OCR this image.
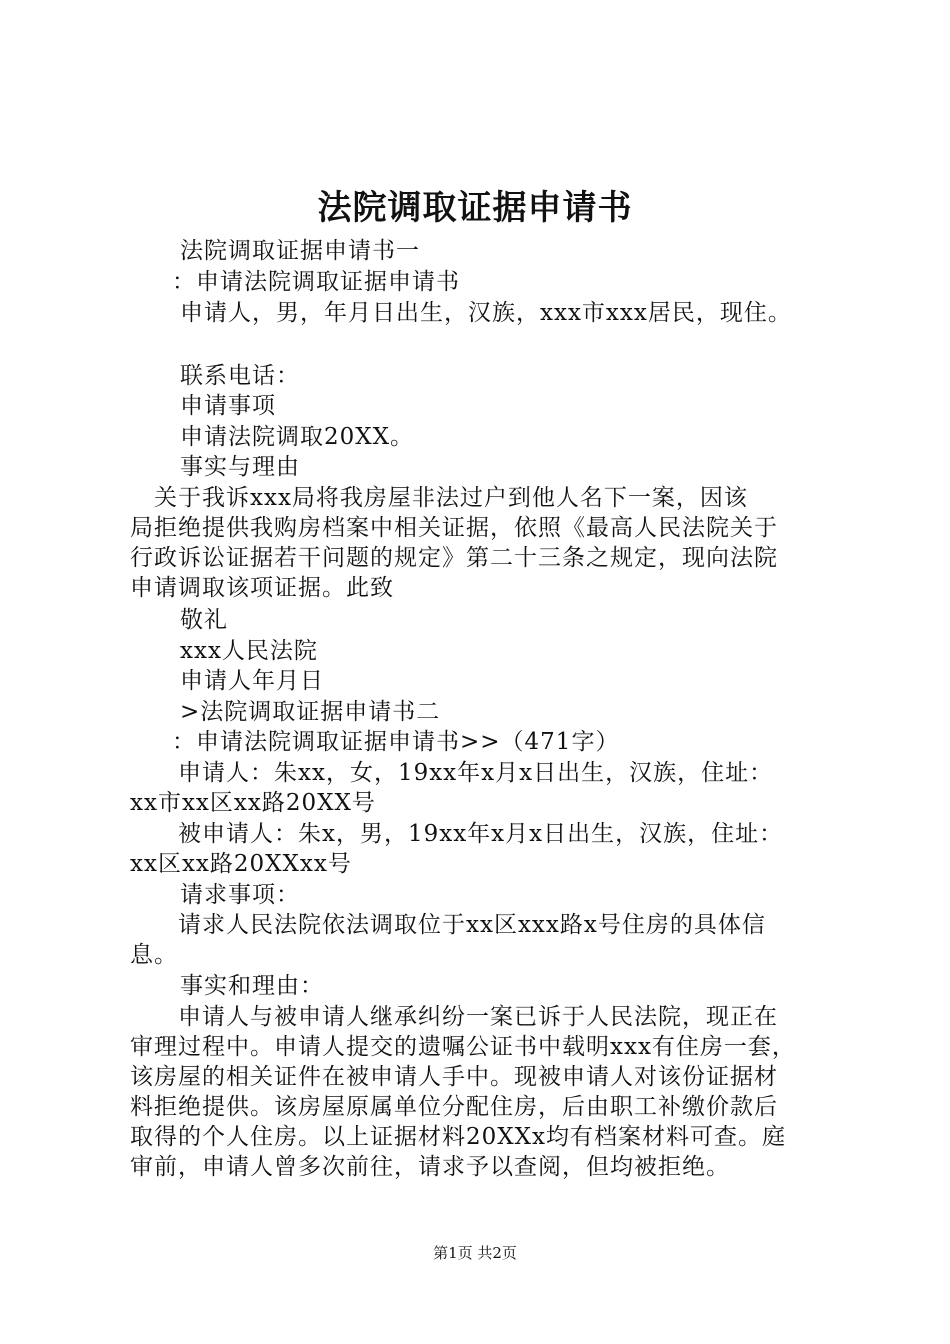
法院调取证据申请书
法院调取证据申请书一
：申请法院调取证据申请书
申请人，男，年月日出生，汉族，xxx市xxx居民，现住。
联系电话：
申请事项
申请法院调取20XX。
事实与理由
　关于我诉xxx局将我房屋非法过户到他人名下一案，因该
局拒绝提供我购房档案中相关证据，依照《最高人民法院关于
行政诉讼证据若干问题的规定》第二十三条之规定，现向法院
申请调取该项证据。此致
敬礼
xxx人民法院
申请人年月日
>法院调取证据申请书二
：申请法院调取证据申请书>>（471字）
　　申请人：朱xx，女，19xx年x月x日出生，汉族，住址：
xx市xx区xx路20XX号
　　被申请人：朱x，男，19xx年x月x日出生，汉族，住址：
xx区xx路20XXxx号
请求事项：
　　请求人民法院依法调取位于xx区xxx路x号住房的具体信
息。
事实和理由：
　　申请人与被申请人继承纠纷一案已诉于人民法院，现正在
审理过程中。申请人提交的遗嘱公证书中载明xxx有住房一套，
该房屋的相关证件在被申请人手中。现被申请人对该份证据材
料拒绝提供。该房屋原属单位分配住房，后由职工补缴价款后
取得的个人住房。以上证据材料20XXx均有档案材料可查。庭
审前，申请人曾多次前往，请求予以查阅，但均被拒绝。
第1页 共2页
